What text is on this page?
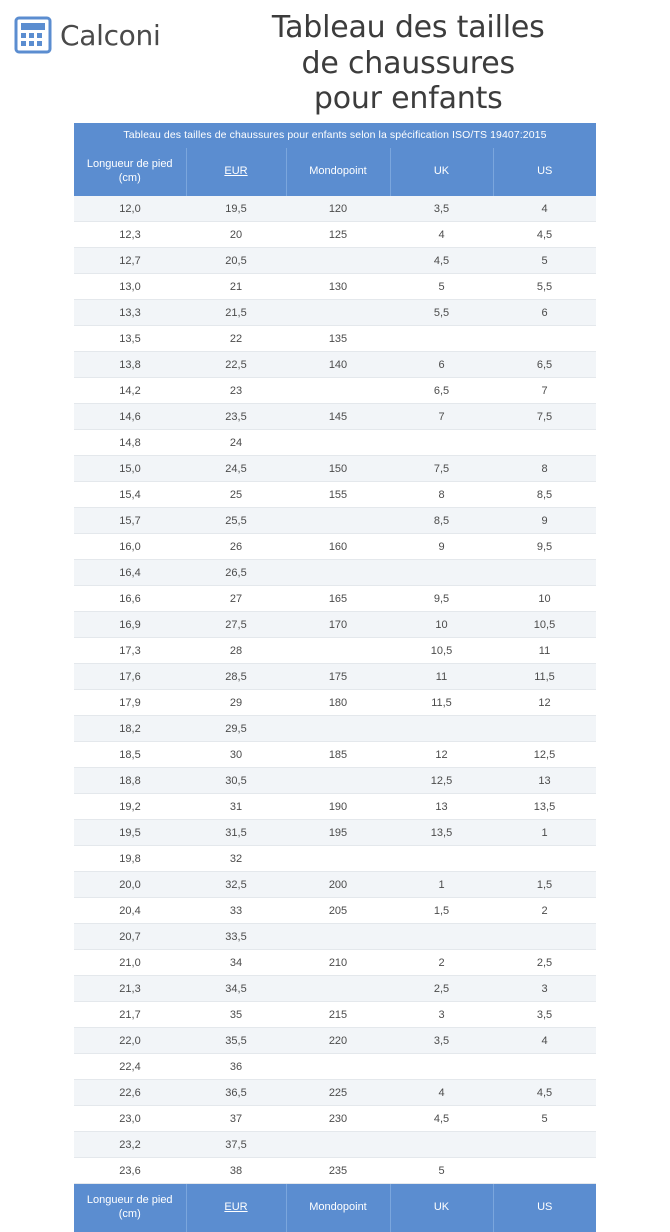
Calconi	Tableau des tailles
de chaussures
pour enfants
Tableau des tailles de chaussures pour enfants selon la spécification ISO/TS 19407:2015
Longueur de pied
(cm)	EUR	Mondopoint	UK	US
12,0	19,5	120	3,5	4
12,3	20	125	4	4,5
12,7	20,5		4,5	5
13,0	21	130	5	5,5
13,3	21,5		5,5	6
13,5	22	135		
13,8	22,5	140	6	6,5
14,2	23		6,5	7
14,6	23,5	145	7	7,5
14,8	24			
15,0	24,5	150	7,5	8
15,4	25	155	8	8,5
15,7	25,5		8,5	9
16,0	26	160	9	9,5
16,4	26,5			
16,6	27	165	9,5	10
16,9	27,5	170	10	10,5
17,3	28		10,5	11
17,6	28,5	175	11	11,5
17,9	29	180	11,5	12
18,2	29,5			
18,5	30	185	12	12,5
18,8	30,5		12,5	13
19,2	31	190	13	13,5
19,5	31,5	195	13,5	1
19,8	32			
20,0	32,5	200	1	1,5
20,4	33	205	1,5	2
20,7	33,5			
21,0	34	210	2	2,5
21,3	34,5		2,5	3
21,7	35	215	3	3,5
22,0	35,5	220	3,5	4
22,4	36			
22,6	36,5	225	4	4,5
23,0	37	230	4,5	5
23,2	37,5			
23,6	38	235	5	
Longueur de pied
(cm)	EUR	Mondopoint	UK	US
